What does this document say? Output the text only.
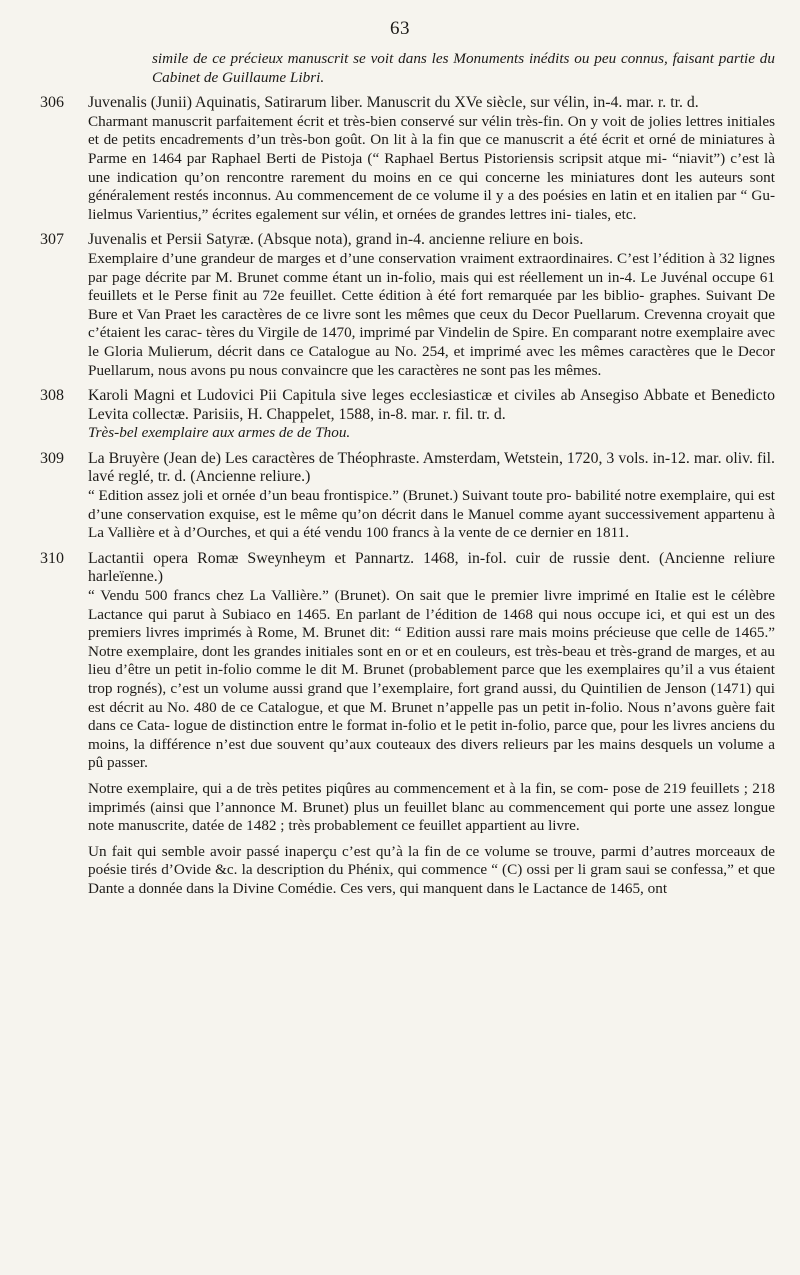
63

simile de ce précieux manuscrit se voit dans les Monuments inédits ou peu connus, faisant partie du Cabinet de Guillaume Libri.

306	Juvenalis (Junii) Aquinatis, Satirarum liber. Manuscrit du XVe siècle, sur vélin, in-4. mar. r. tr. d.

Charmant manuscrit parfaitement écrit et très-bien conservé sur vélin très-fin. On y voit de jolies lettres initiales et de petits encadrements d’un très-bon goût. On lit à la fin que ce manuscrit a été écrit et orné de miniatures à Parme en 1464 par Raphael Berti de Pistoja (“ Raphael Bertus Pistoriensis scripsit atque mi- “niavit”) c’est là une indication qu’on rencontre rarement du moins en ce qui concerne les miniatures dont les auteurs sont généralement restés inconnus. Au commencement de ce volume il y a des poésies en latin et en italien par “ Gu- lielmus Varientius,” écrites egalement sur vélin, et ornées de grandes lettres ini- tiales, etc.

307	Juvenalis et Persii Satyræ. (Absque nota), grand in-4. ancienne reliure en bois.

Exemplaire d’une grandeur de marges et d’une conservation vraiment extraordinaires. C’est l’édition à 32 lignes par page décrite par M. Brunet comme étant un in-folio, mais qui est réellement un in-4. Le Juvénal occupe 61 feuillets et le Perse finit au 72e feuillet. Cette édition à été fort remarquée par les biblio- graphes. Suivant De Bure et Van Praet les caractères de ce livre sont les mêmes que ceux du Decor Puellarum. Crevenna croyait que c’étaient les carac- tères du Virgile de 1470, imprimé par Vindelin de Spire. En comparant notre exemplaire avec le Gloria Mulierum, décrit dans ce Catalogue au No. 254, et imprimé avec les mêmes caractères que le Decor Puellarum, nous avons pu nous convaincre que les caractères ne sont pas les mêmes.

308	Karoli Magni et Ludovici Pii Capitula sive leges ecclesiasticæ et civiles ab Ansegiso Abbate et Benedicto Levita collectæ. Parisiis, H. Chappelet, 1588, in-8. mar. r. fil. tr. d.

Très-bel exemplaire aux armes de de Thou.

309	La Bruyère (Jean de) Les caractères de Théophraste. Amsterdam, Wetstein, 1720, 3 vols. in-12. mar. oliv. fil. lavé reglé, tr. d. (Ancienne reliure.)

“ Edition assez joli et ornée d’un beau frontispice.” (Brunet.) Suivant toute pro- babilité notre exemplaire, qui est d’une conservation exquise, est le même qu’on décrit dans le Manuel comme ayant successivement appartenu à La Vallière et à d’Ourches, et qui a été vendu 100 francs à la vente de ce dernier en 1811.

310	Lactantii opera Romæ Sweynheym et Pannartz. 1468, in-fol. cuir de russie dent. (Ancienne reliure harleïenne.)

“ Vendu 500 francs chez La Vallière.” (Brunet). On sait que le premier livre imprimé en Italie est le célèbre Lactance qui parut à Subiaco en 1465. En parlant de l’édition de 1468 qui nous occupe ici, et qui est un des premiers livres imprimés à Rome, M. Brunet dit: “ Edition aussi rare mais moins précieuse que celle de 1465.” Notre exemplaire, dont les grandes initiales sont en or et en couleurs, est très-beau et très-grand de marges, et au lieu d’être un petit in-folio comme le dit M. Brunet (probablement parce que les exemplaires qu’il a vus étaient trop rognés), c’est un volume aussi grand que l’exemplaire, fort grand aussi, du Quintilien de Jenson (1471) qui est décrit au No. 480 de ce Catalogue, et que M. Brunet n’appelle pas un petit in-folio. Nous n’avons guère fait dans ce Cata- logue de distinction entre le format in-folio et le petit in-folio, parce que, pour les livres anciens du moins, la différence n’est due souvent qu’aux couteaux des divers relieurs par les mains desquels un volume a pû passer.

Notre exemplaire, qui a de très petites piqûres au commencement et à la fin, se com- pose de 219 feuillets ; 218 imprimés (ainsi que l’annonce M. Brunet) plus un feuillet blanc au commencement qui porte une assez longue note manuscrite, datée de 1482 ; très probablement ce feuillet appartient au livre.

Un fait qui semble avoir passé inaperçu c’est qu’à la fin de ce volume se trouve, parmi d’autres morceaux de poésie tirés d’Ovide &c. la description du Phénix, qui commence “ (C) ossi per li gram saui se confessa,” et que Dante a donnée dans la Divine Comédie. Ces vers, qui manquent dans le Lactance de 1465, ont
